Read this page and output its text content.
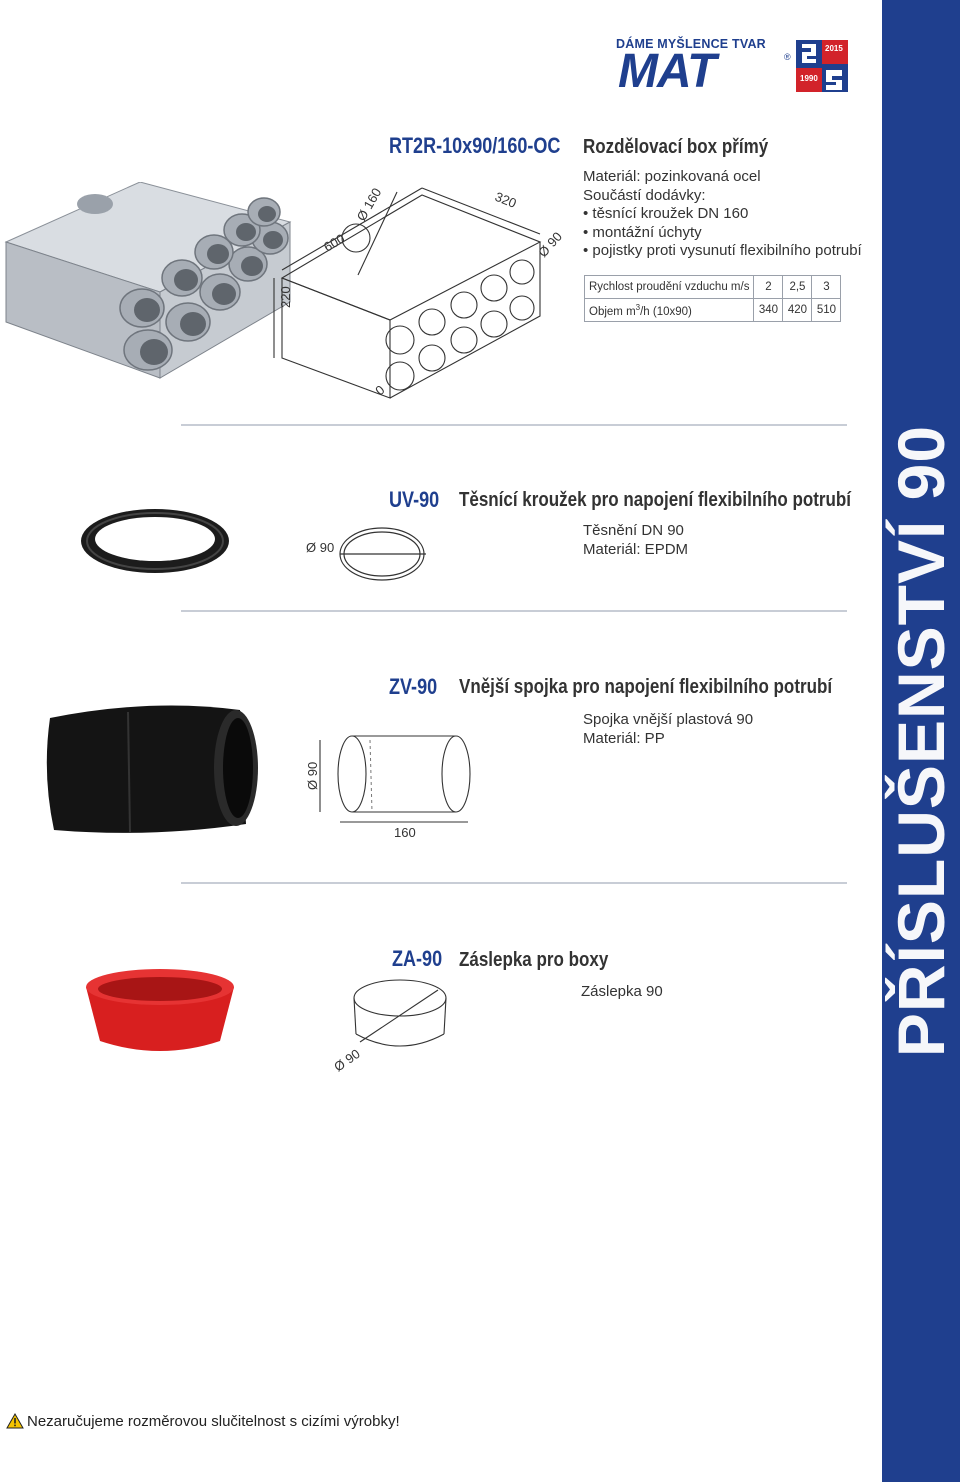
PŘÍSLUŠENSTVÍ 90
DÁME MYŠLENCE TVAR
MAT	®
2015
1990
220
600
Ø 160	320
Ø 90
0
RT2R-10x90/160-OC Rozdělovací box přímý
Materiál: pozinkovaná ocel
Součástí dodávky:
• těsnící kroužek DN 160
• montážní úchyty
• pojistky proti vysunutí flexibilního potrubí
Rychlost proudění vzduchu m/s	2	2,5	3
Objem $m^3/h$ (10x90)	340	420	510
Ø 90
UV-90 Těsnící kroužek pro napojení flexibilního potrubí
Těsnění DN 90
Materiál: EPDM
Ø 90
160
ZV-90 Vnější spojka pro napojení flexibilního potrubí
Spojka vnější plastová 90
Materiál: PP
Ø 90
ZA-90 Záslepka pro boxy
Záslepka 90
Nezaručujeme rozměrovou slučitelnost s cizími výrobky!
